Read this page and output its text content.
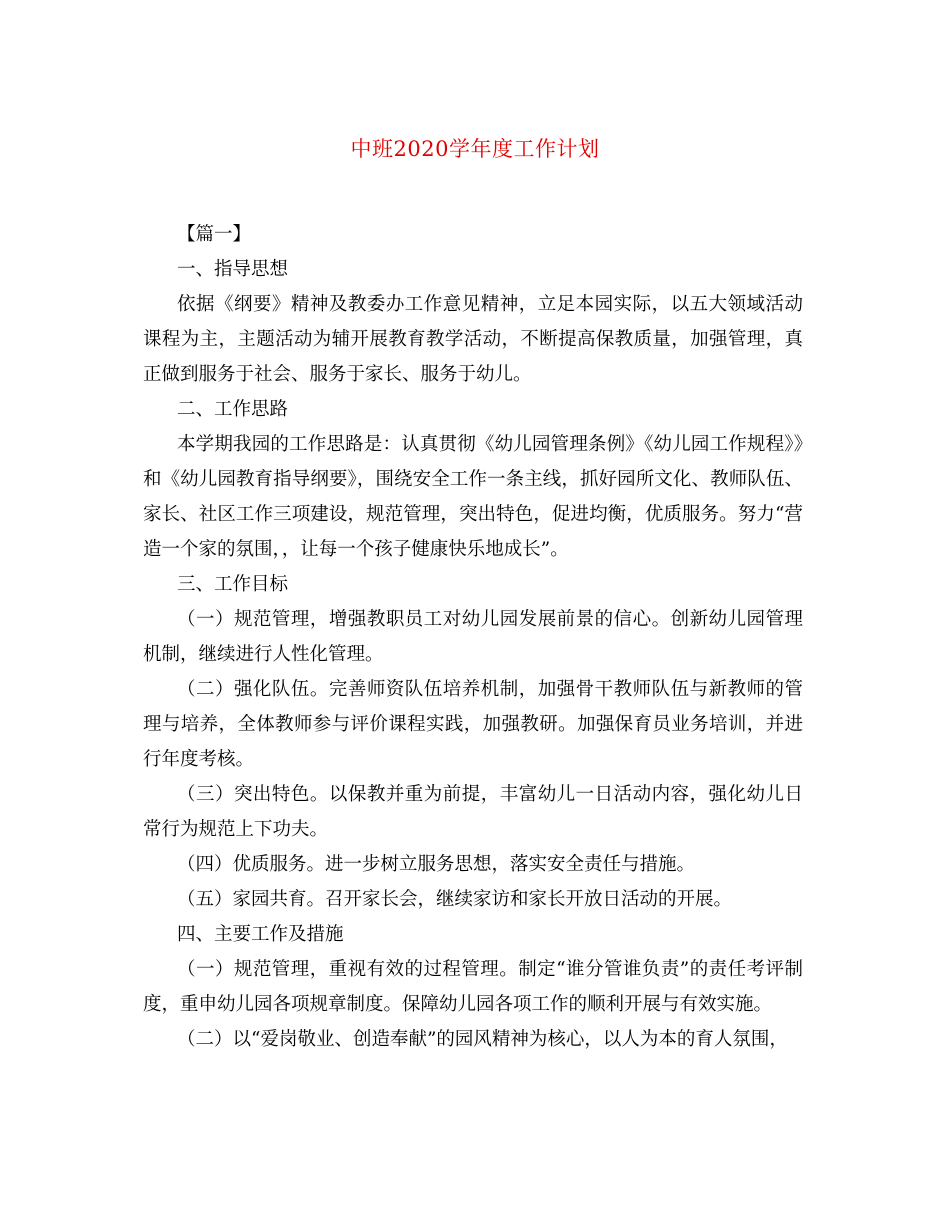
中班2020学年度工作计划

【篇一】

一、指导思想

依据《纲要》精神及教委办工作意见精神，立足本园实际，以五大领域活动课程为主，主题活动为辅开展教育教学活动，不断提高保教质量，加强管理，真正做到服务于社会、服务于家长、服务于幼儿。

二、工作思路

本学期我园的工作思路是：认真贯彻《幼儿园管理条例》《幼儿园工作规程》》和《幼儿园教育指导纲要》，围绕安全工作一条主线，抓好园所文化、教师队伍、家长、社区工作三项建设，规范管理，突出特色，促进均衡，优质服务。努力“营造一个家的氛围，，让每一个孩子健康快乐地成长”。

三、工作目标

（一）规范管理，增强教职员工对幼儿园发展前景的信心。创新幼儿园管理机制，继续进行人性化管理。

（二）强化队伍。完善师资队伍培养机制，加强骨干教师队伍与新教师的管理与培养，全体教师参与评价课程实践，加强教研。加强保育员业务培训，并进行年度考核。

（三）突出特色。以保教并重为前提，丰富幼儿一日活动内容，强化幼儿日常行为规范上下功夫。

（四）优质服务。进一步树立服务思想，落实安全责任与措施。

（五）家园共育。召开家长会，继续家访和家长开放日活动的开展。

四、主要工作及措施

（一）规范管理，重视有效的过程管理。制定“谁分管谁负责”的责任考评制度，重申幼儿园各项规章制度。保障幼儿园各项工作的顺利开展与有效实施。

（二）以“爱岗敬业、创造奉献”的园风精神为核心，以人为本的育人氛围，
